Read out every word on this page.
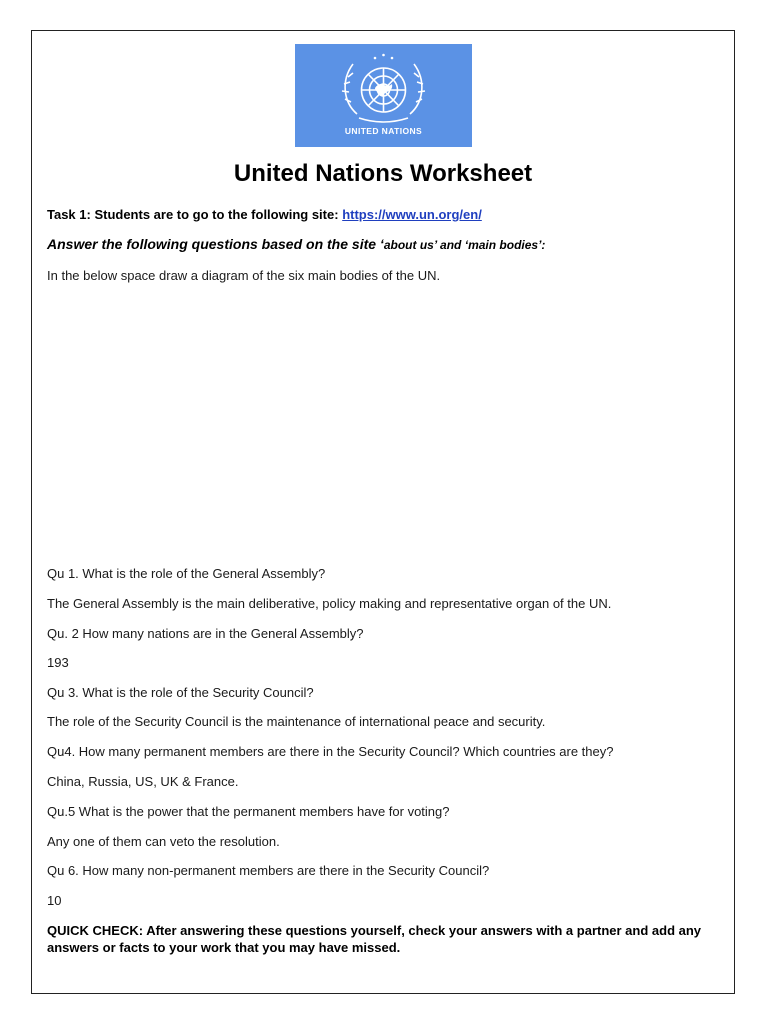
UNITED NATIONS
United Nations Worksheet
Task 1: Students are to go to the following site: https://www.un.org/en/
Answer the following questions based on the site ‘about us’ and ‘main bodies’:
In the below space draw a diagram of the six main bodies of the UN.
Qu 1. What is the role of the General Assembly?
The General Assembly is the main deliberative, policy making and representative organ of the UN.
Qu. 2 How many nations are in the General Assembly?
193
Qu 3. What is the role of the Security Council?
The role of the Security Council is the maintenance of international peace and security.
Qu4. How many permanent members are there in the Security Council? Which countries are they?
China, Russia, US, UK & France.
Qu.5 What is the power that the permanent members have for voting?
Any one of them can veto the resolution.
Qu 6. How many non-permanent members are there in the Security Council?
10
QUICK CHECK: After answering these questions yourself, check your answers with a partner and add any answers or facts to your work that you may have missed.
